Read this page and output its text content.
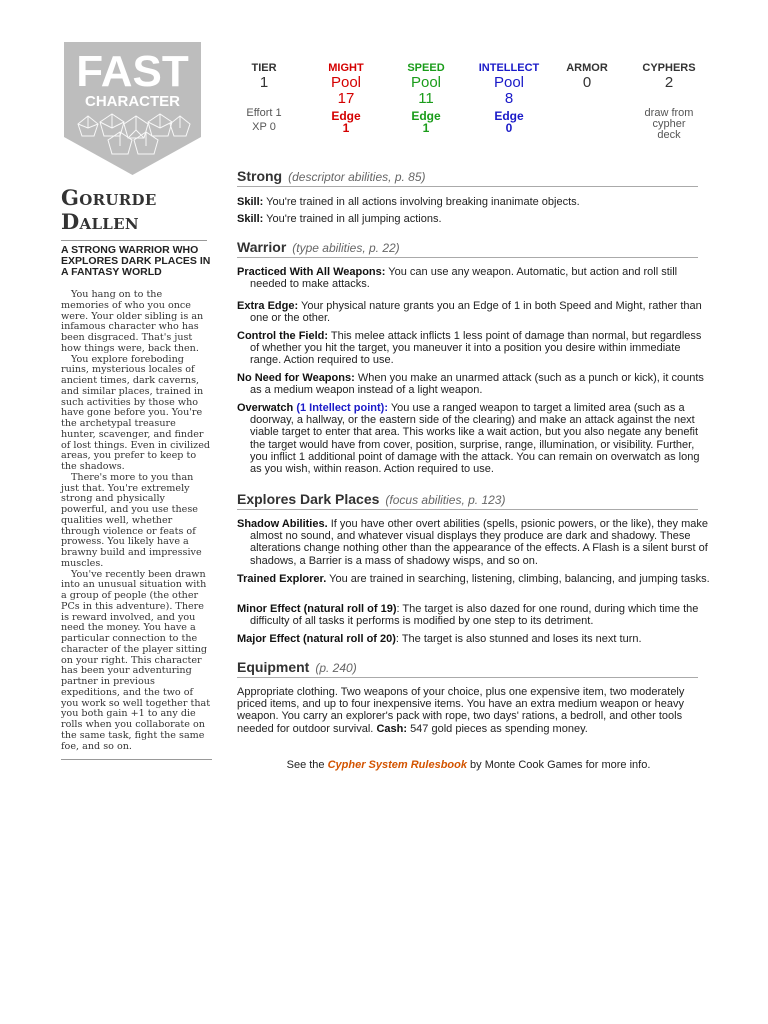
FAST
CHARACTER
Gorurde
Dallen
A STRONG WARRIOR WHO EXPLORES DARK PLACES IN A FANTASY WORLD

You hang on to the memories of who you once were. Your older sibling is an infamous character who has been disgraced. That's just how things were, back then.

You explore foreboding ruins, mysterious locales of ancient times, dark caverns, and similar places, trained in such activities by those who have gone before you. You're the archetypal treasure hunter, scavenger, and finder of lost things. Even in civilized areas, you prefer to keep to the shadows.

There's more to you than just that. You're extremely strong and physically powerful, and you use these qualities well, whether through violence or feats of prowess. You likely have a brawny build and impressive muscles.

You've recently been drawn into an unusual situation with a group of people (the other PCs in this adventure). There is reward involved, and you need the money. You have a particular connection to the character of the player sitting on your right. This character has been your adventuring partner in previous expeditions, and the two of you work so well together that you both gain +1 to any die rolls when you collaborate on the same task, fight the same foe, and so on.

TIER
1
Effort 1
XP 0
MIGHT
Pool
17
Edge
1
SPEED
Pool
11
Edge
1
INTELLECT
Pool
8
Edge
0
ARMOR
0
CYPHERS
2
draw from cypher deck
Strong (descriptor abilities, p. 85)
Skill: You're trained in all actions involving breaking inanimate objects.
Skill: You're trained in all jumping actions.
Warrior (type abilities, p. 22)
Practiced With All Weapons: You can use any weapon. Automatic, but action and roll still needed to make attacks.
Extra Edge: Your physical nature grants you an Edge of 1 in both Speed and Might, rather than one or the other.
Control the Field: This melee attack inflicts 1 less point of damage than normal, but regardless of whether you hit the target, you maneuver it into a position you desire within immediate range. Action required to use.
No Need for Weapons: When you make an unarmed attack (such as a punch or kick), it counts as a medium weapon instead of a light weapon.
Overwatch (1 Intellect point): You use a ranged weapon to target a limited area (such as a doorway, a hallway, or the eastern side of the clearing) and make an attack against the next viable target to enter that area. This works like a wait action, but you also negate any benefit the target would have from cover, position, surprise, range, illumination, or visibility. Further, you inflict 1 additional point of damage with the attack. You can remain on overwatch as long as you wish, within reason. Action required to use.
Explores Dark Places (focus abilities, p. 123)
Shadow Abilities. If you have other overt abilities (spells, psionic powers, or the like), they make almost no sound, and whatever visual displays they produce are dark and shadowy. These alterations change nothing other than the appearance of the effects. A Flash is a silent burst of shadows, a Barrier is a mass of shadowy wisps, and so on.
Trained Explorer. You are trained in searching, listening, climbing, balancing, and jumping tasks.
Minor Effect (natural roll of 19): The target is also dazed for one round, during which time the difficulty of all tasks it performs is modified by one step to its detriment.
Major Effect (natural roll of 20): The target is also stunned and loses its next turn.
Equipment (p. 240)
Appropriate clothing. Two weapons of your choice, plus one expensive item, two moderately priced items, and up to four inexpensive items. You have an extra medium weapon or heavy weapon. You carry an explorer's pack with rope, two days' rations, a bedroll, and other tools needed for outdoor survival. Cash: 547 gold pieces as spending money.
See the Cypher System Rulesbook by Monte Cook Games for more info.
